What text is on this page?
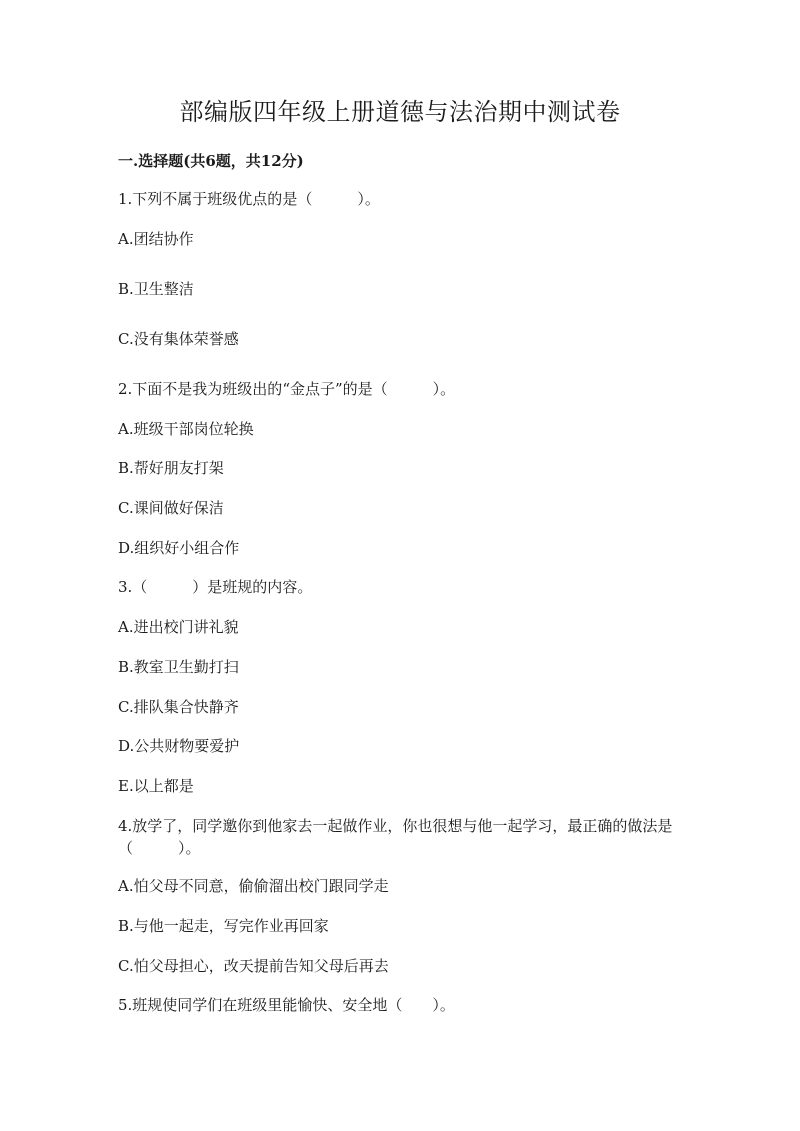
部编版四年级上册道德与法治期中测试卷

一.选择题(共6题，共12分)

1.下列不属于班级优点的是（　　　）。

A.团结协作

B.卫生整洁

C.没有集体荣誉感

2.下面不是我为班级出的“金点子”的是（　　　）。

A.班级干部岗位轮换

B.帮好朋友打架

C.课间做好保洁

D.组织好小组合作

3.（　　　）是班规的内容。

A.进出校门讲礼貌

B.教室卫生勤打扫

C.排队集合快静齐

D.公共财物要爱护

E.以上都是

4.放学了，同学邀你到他家去一起做作业，你也很想与他一起学习，最正确的做法是（　　　）。

A.怕父母不同意，偷偷溜出校门跟同学走

B.与他一起走，写完作业再回家

C.怕父母担心，改天提前告知父母后再去

5.班规使同学们在班级里能愉快、安全地（　　）。
